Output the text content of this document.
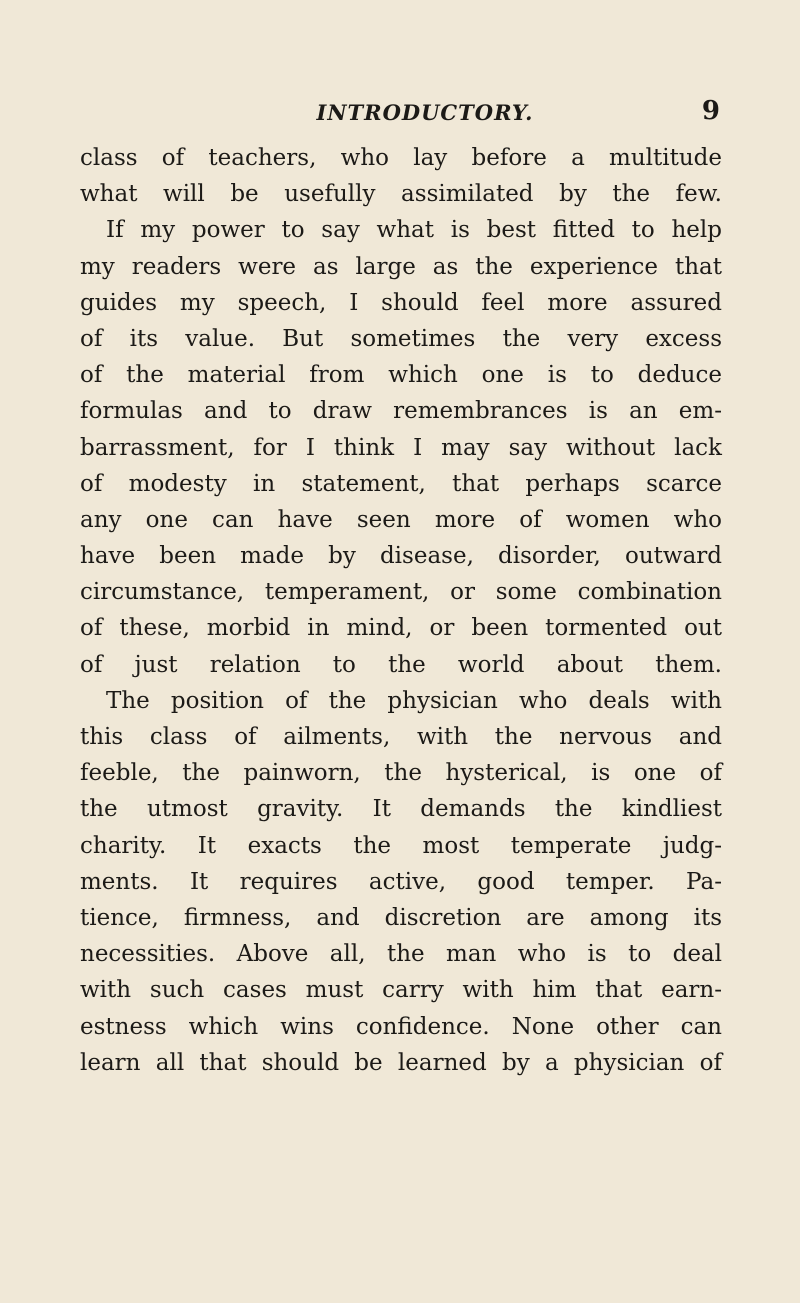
INTRODUCTORY.	9
class of teachers, who lay before a multitude
what will be usefully assimilated by the few.
If my power to say what is best fitted to help
my readers were as large as the experience that
guides my speech, I should feel more assured
of its value. But sometimes the very excess
of the material from which one is to deduce
formulas and to draw remembrances is an em-
barrassment, for I think I may say without lack
of modesty in statement, that perhaps scarce
any one can have seen more of women who
have been made by disease, disorder, outward
circumstance, temperament, or some combination
of these, morbid in mind, or been tormented out
of just relation to the world about them.
The position of the physician who deals with
this class of ailments, with the nervous and
feeble, the painworn, the hysterical, is one of
the utmost gravity. It demands the kindliest
charity. It exacts the most temperate judg-
ments. It requires active, good temper. Pa-
tience, firmness, and discretion are among its
necessities. Above all, the man who is to deal
with such cases must carry with him that earn-
estness which wins confidence. None other can
learn all that should be learned by a physician of
